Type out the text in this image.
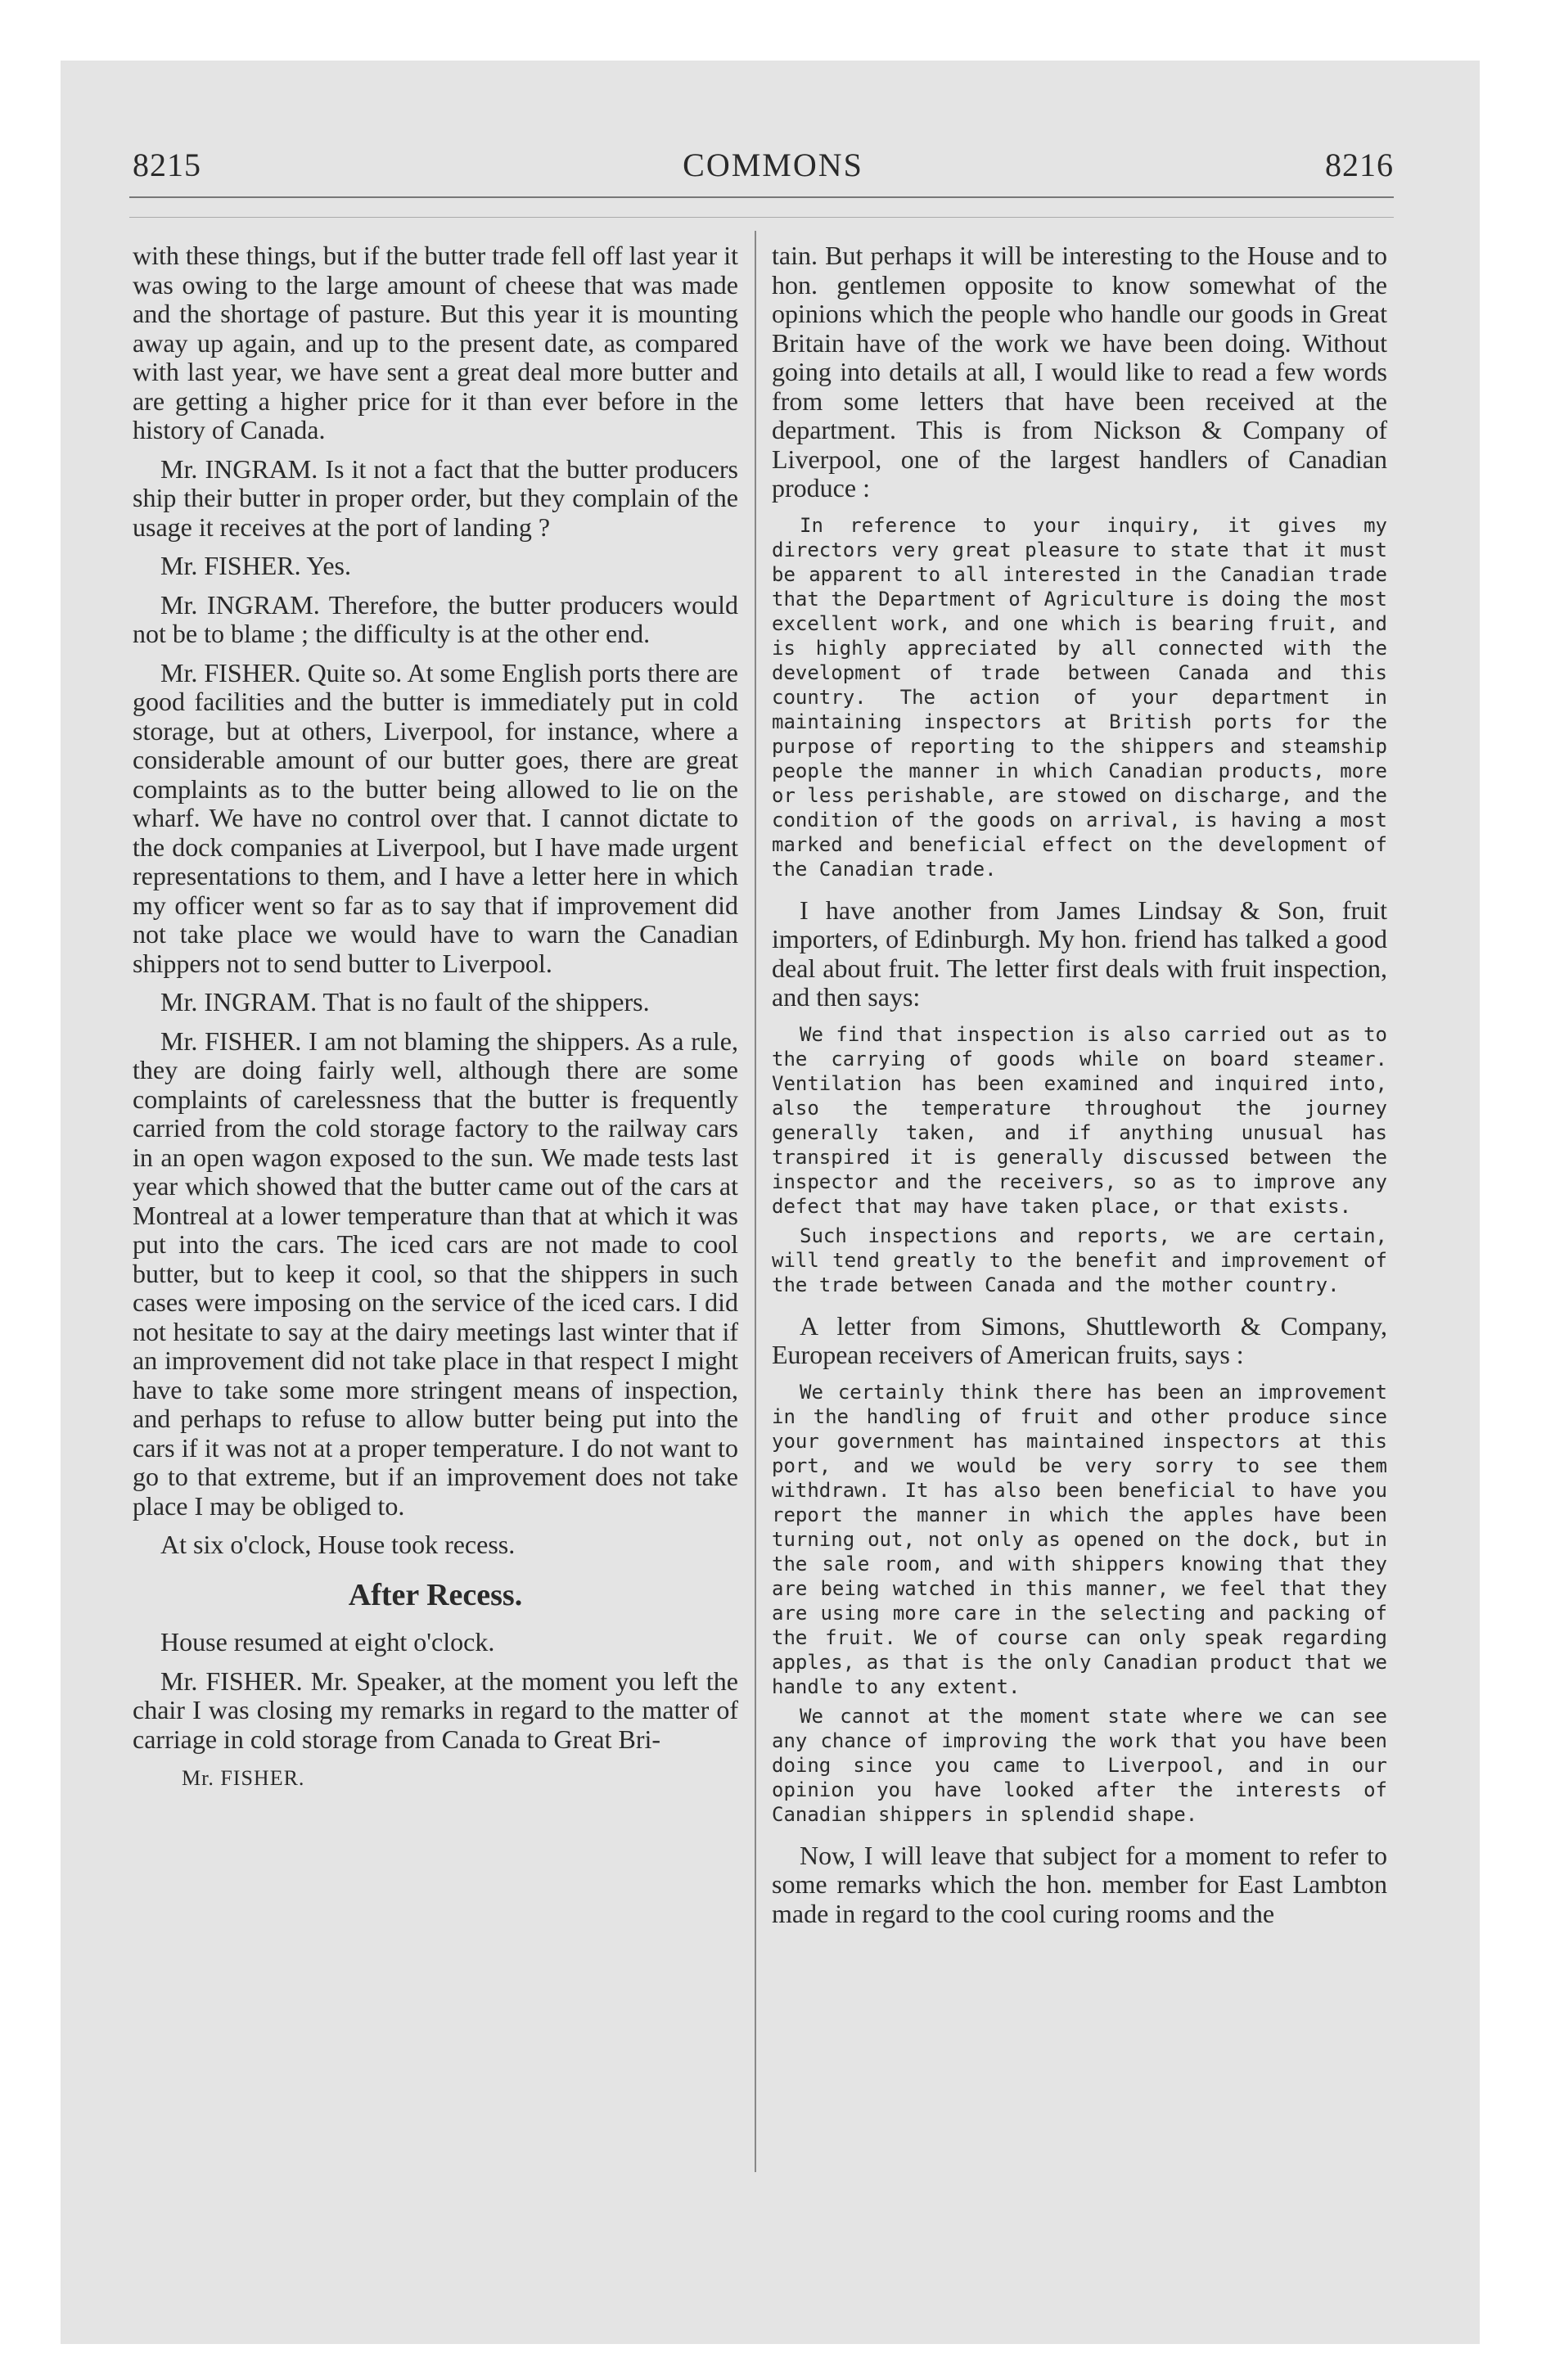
8215	COMMONS	8216

with these things, but if the butter trade fell off last year it was owing to the large amount of cheese that was made and the shortage of pasture. But this year it is mounting away up again, and up to the present date, as compared with last year, we have sent a great deal more butter and are getting a higher price for it than ever before in the history of Canada.

Mr. INGRAM. Is it not a fact that the butter producers ship their butter in proper order, but they complain of the usage it receives at the port of landing ?

Mr. FISHER. Yes.

Mr. INGRAM. Therefore, the butter producers would not be to blame ; the difficulty is at the other end.

Mr. FISHER. Quite so. At some English ports there are good facilities and the butter is immediately put in cold storage, but at others, Liverpool, for instance, where a considerable amount of our butter goes, there are great complaints as to the butter being allowed to lie on the wharf. We have no control over that. I cannot dictate to the dock companies at Liverpool, but I have made urgent representations to them, and I have a letter here in which my officer went so far as to say that if improvement did not take place we would have to warn the Canadian shippers not to send butter to Liverpool.

Mr. INGRAM. That is no fault of the shippers.

Mr. FISHER. I am not blaming the shippers. As a rule, they are doing fairly well, although there are some complaints of carelessness that the butter is frequently carried from the cold storage factory to the railway cars in an open wagon exposed to the sun. We made tests last year which showed that the butter came out of the cars at Montreal at a lower temperature than that at which it was put into the cars. The iced cars are not made to cool butter, but to keep it cool, so that the shippers in such cases were imposing on the service of the iced cars. I did not hesitate to say at the dairy meetings last winter that if an improvement did not take place in that respect I might have to take some more stringent means of inspection, and perhaps to refuse to allow butter being put into the cars if it was not at a proper temperature. I do not want to go to that extreme, but if an improvement does not take place I may be obliged to.

At six o'clock, House took recess.

After Recess.

House resumed at eight o'clock.

Mr. FISHER. Mr. Speaker, at the moment you left the chair I was closing my remarks in regard to the matter of carriage in cold storage from Canada to Great Bri-

Mr. FISHER.

tain. But perhaps it will be interesting to the House and to hon. gentlemen opposite to know somewhat of the opinions which the people who handle our goods in Great Britain have of the work we have been doing. Without going into details at all, I would like to read a few words from some letters that have been received at the department. This is from Nickson & Company of Liverpool, one of the largest handlers of Canadian produce :

In reference to your inquiry, it gives my directors very great pleasure to state that it must be apparent to all interested in the Canadian trade that the Department of Agriculture is doing the most excellent work, and one which is bearing fruit, and is highly appreciated by all connected with the development of trade between Canada and this country. The action of your department in maintaining inspectors at British ports for the purpose of reporting to the shippers and steamship people the manner in which Canadian products, more or less perishable, are stowed on discharge, and the condition of the goods on arrival, is having a most marked and beneficial effect on the development of the Canadian trade.

I have another from James Lindsay & Son, fruit importers, of Edinburgh. My hon. friend has talked a good deal about fruit. The letter first deals with fruit inspection, and then says:

We find that inspection is also carried out as to the carrying of goods while on board steamer. Ventilation has been examined and inquired into, also the temperature throughout the journey generally taken, and if anything unusual has transpired it is generally discussed between the inspector and the receivers, so as to improve any defect that may have taken place, or that exists.

Such inspections and reports, we are certain, will tend greatly to the benefit and improvement of the trade between Canada and the mother country.

A letter from Simons, Shuttleworth & Company, European receivers of American fruits, says :

We certainly think there has been an improvement in the handling of fruit and other produce since your government has maintained inspectors at this port, and we would be very sorry to see them withdrawn. It has also been beneficial to have you report the manner in which the apples have been turning out, not only as opened on the dock, but in the sale room, and with shippers knowing that they are being watched in this manner, we feel that they are using more care in the selecting and packing of the fruit. We of course can only speak regarding apples, as that is the only Canadian product that we handle to any extent.

We cannot at the moment state where we can see any chance of improving the work that you have been doing since you came to Liverpool, and in our opinion you have looked after the interests of Canadian shippers in splendid shape.

Now, I will leave that subject for a moment to refer to some remarks which the hon. member for East Lambton made in regard to the cool curing rooms and the
